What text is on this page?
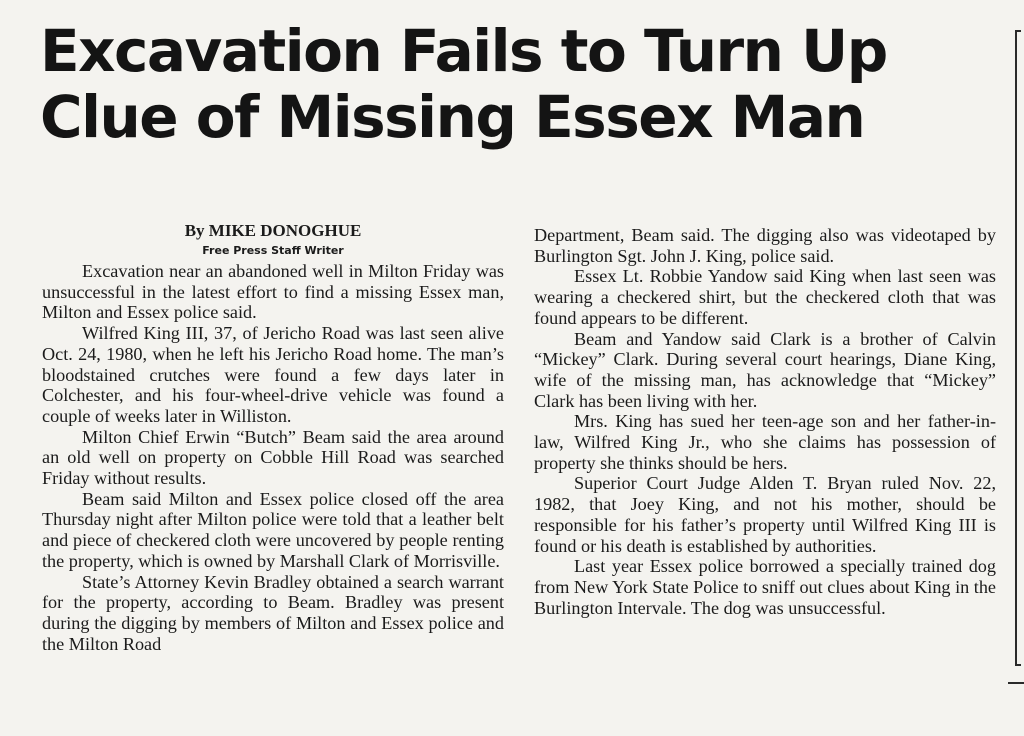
Excavation Fails to Turn Up Clue of Missing Essex Man

By MIKE DONOGHUE

Free Press Staff Writer

Excavation near an abandoned well in Milton Friday was unsuccessful in the latest effort to find a missing Essex man, Milton and Essex police said.

Wilfred King III, 37, of Jericho Road was last seen alive Oct. 24, 1980, when he left his Jericho Road home. The man’s bloodstained crutches were found a few days later in Colchester, and his four-wheel-drive vehicle was found a couple of weeks later in Williston.

Milton Chief Erwin “Butch” Beam said the area around an old well on property on Cobble Hill Road was searched Friday without results.

Beam said Milton and Essex police closed off the area Thursday night after Milton police were told that a leather belt and piece of checkered cloth were uncovered by people renting the property, which is owned by Marshall Clark of Morrisville.

State’s Attorney Kevin Bradley obtained a search warrant for the property, according to Beam. Bradley was present during the digging by members of Milton and Essex police and the Milton Road

Department, Beam said. The digging also was videotaped by Burlington Sgt. John J. King, police said.

Essex Lt. Robbie Yandow said King when last seen was wearing a checkered shirt, but the checkered cloth that was found appears to be different.

Beam and Yandow said Clark is a brother of Calvin “Mickey” Clark. During several court hearings, Diane King, wife of the missing man, has acknowledge that “Mickey” Clark has been living with her.

Mrs. King has sued her teen-age son and her father-in-law, Wilfred King Jr., who she claims has possession of property she thinks should be hers.

Superior Court Judge Alden T. Bryan ruled Nov. 22, 1982, that Joey King, and not his mother, should be responsible for his father’s property until Wilfred King III is found or his death is established by authorities.

Last year Essex police borrowed a specially trained dog from New York State Police to sniff out clues about King in the Burlington Intervale. The dog was unsuccessful.
